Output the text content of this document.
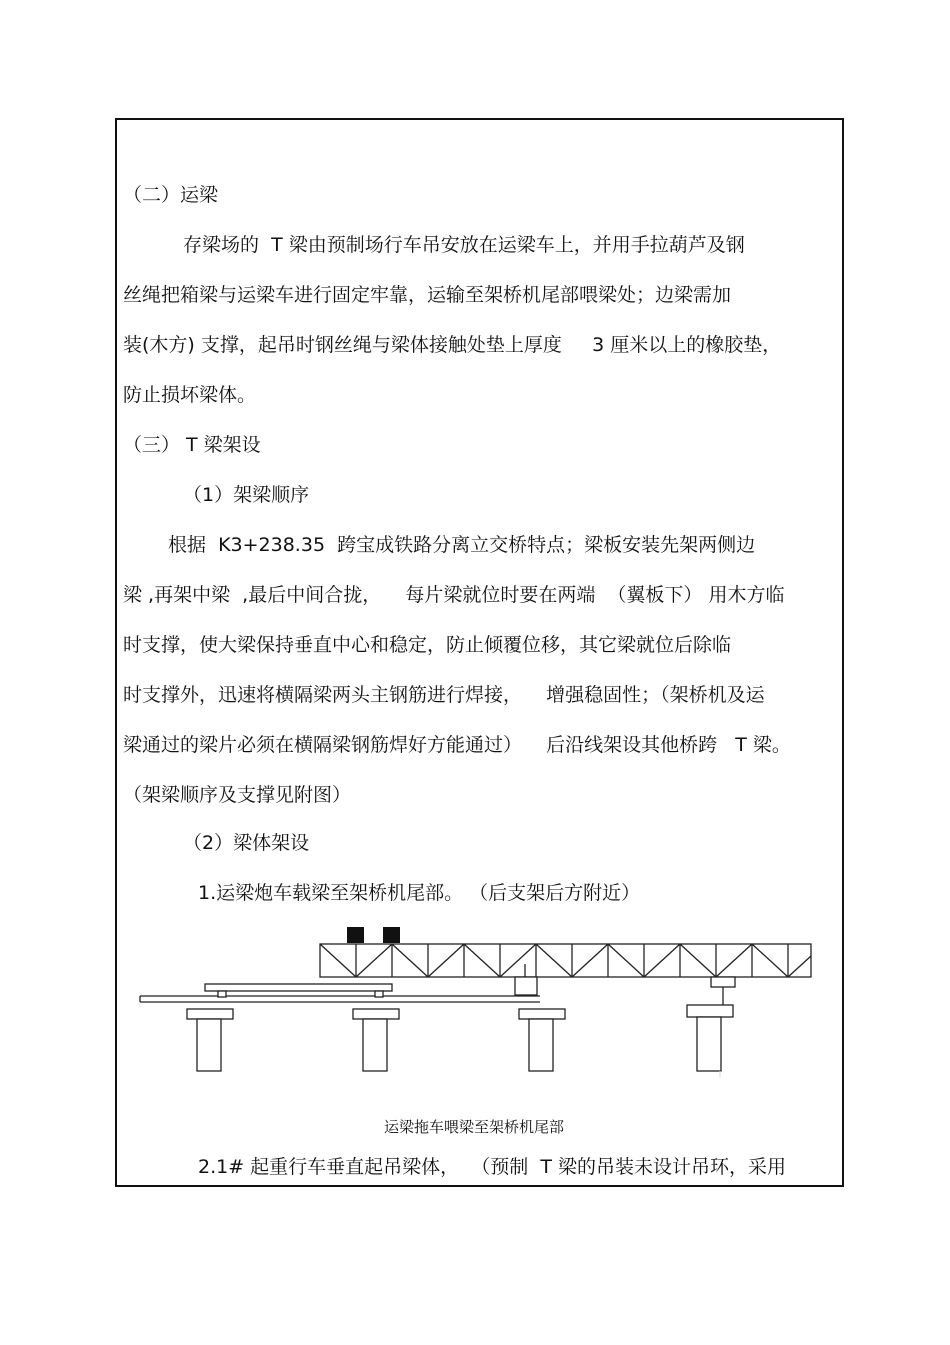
（二）运梁
存梁场的  T 梁由预制场行车吊安放在运梁车上，并用手拉葫芦及钢
丝绳把箱梁与运梁车进行固定牢靠，运输至架桥机尾部喂梁处；边梁需加
装(木方) 支撑，起吊时钢丝绳与梁体接触处垫上厚度     3 厘米以上的橡胶垫，
防止损坏梁体。
（三） T 梁架设
（1）架梁顺序
根据  K3+238.35  跨宝成铁路分离立交桥特点；梁板安装先架两侧边
梁 ,再架中梁  ,最后中间合拢，    每片梁就位时要在两端  （翼板下） 用木方临
时支撑，使大梁保持垂直中心和稳定，防止倾覆位移，其它梁就位后除临
时支撑外，迅速将横隔梁两头主钢筋进行焊接，    增强稳固性；（架桥机及运
梁通过的梁片必须在横隔梁钢筋焊好方能通过）    后沿线架设其他桥跨   T 梁。
（架梁顺序及支撑见附图）
（2）梁体架设
1.运梁炮车载梁至架桥机尾部。 （后支架后方附近）
运梁拖车喂梁至架桥机尾部
2.1# 起重行车垂直起吊梁体，  （预制  T 梁的吊装未设计吊环，采用
